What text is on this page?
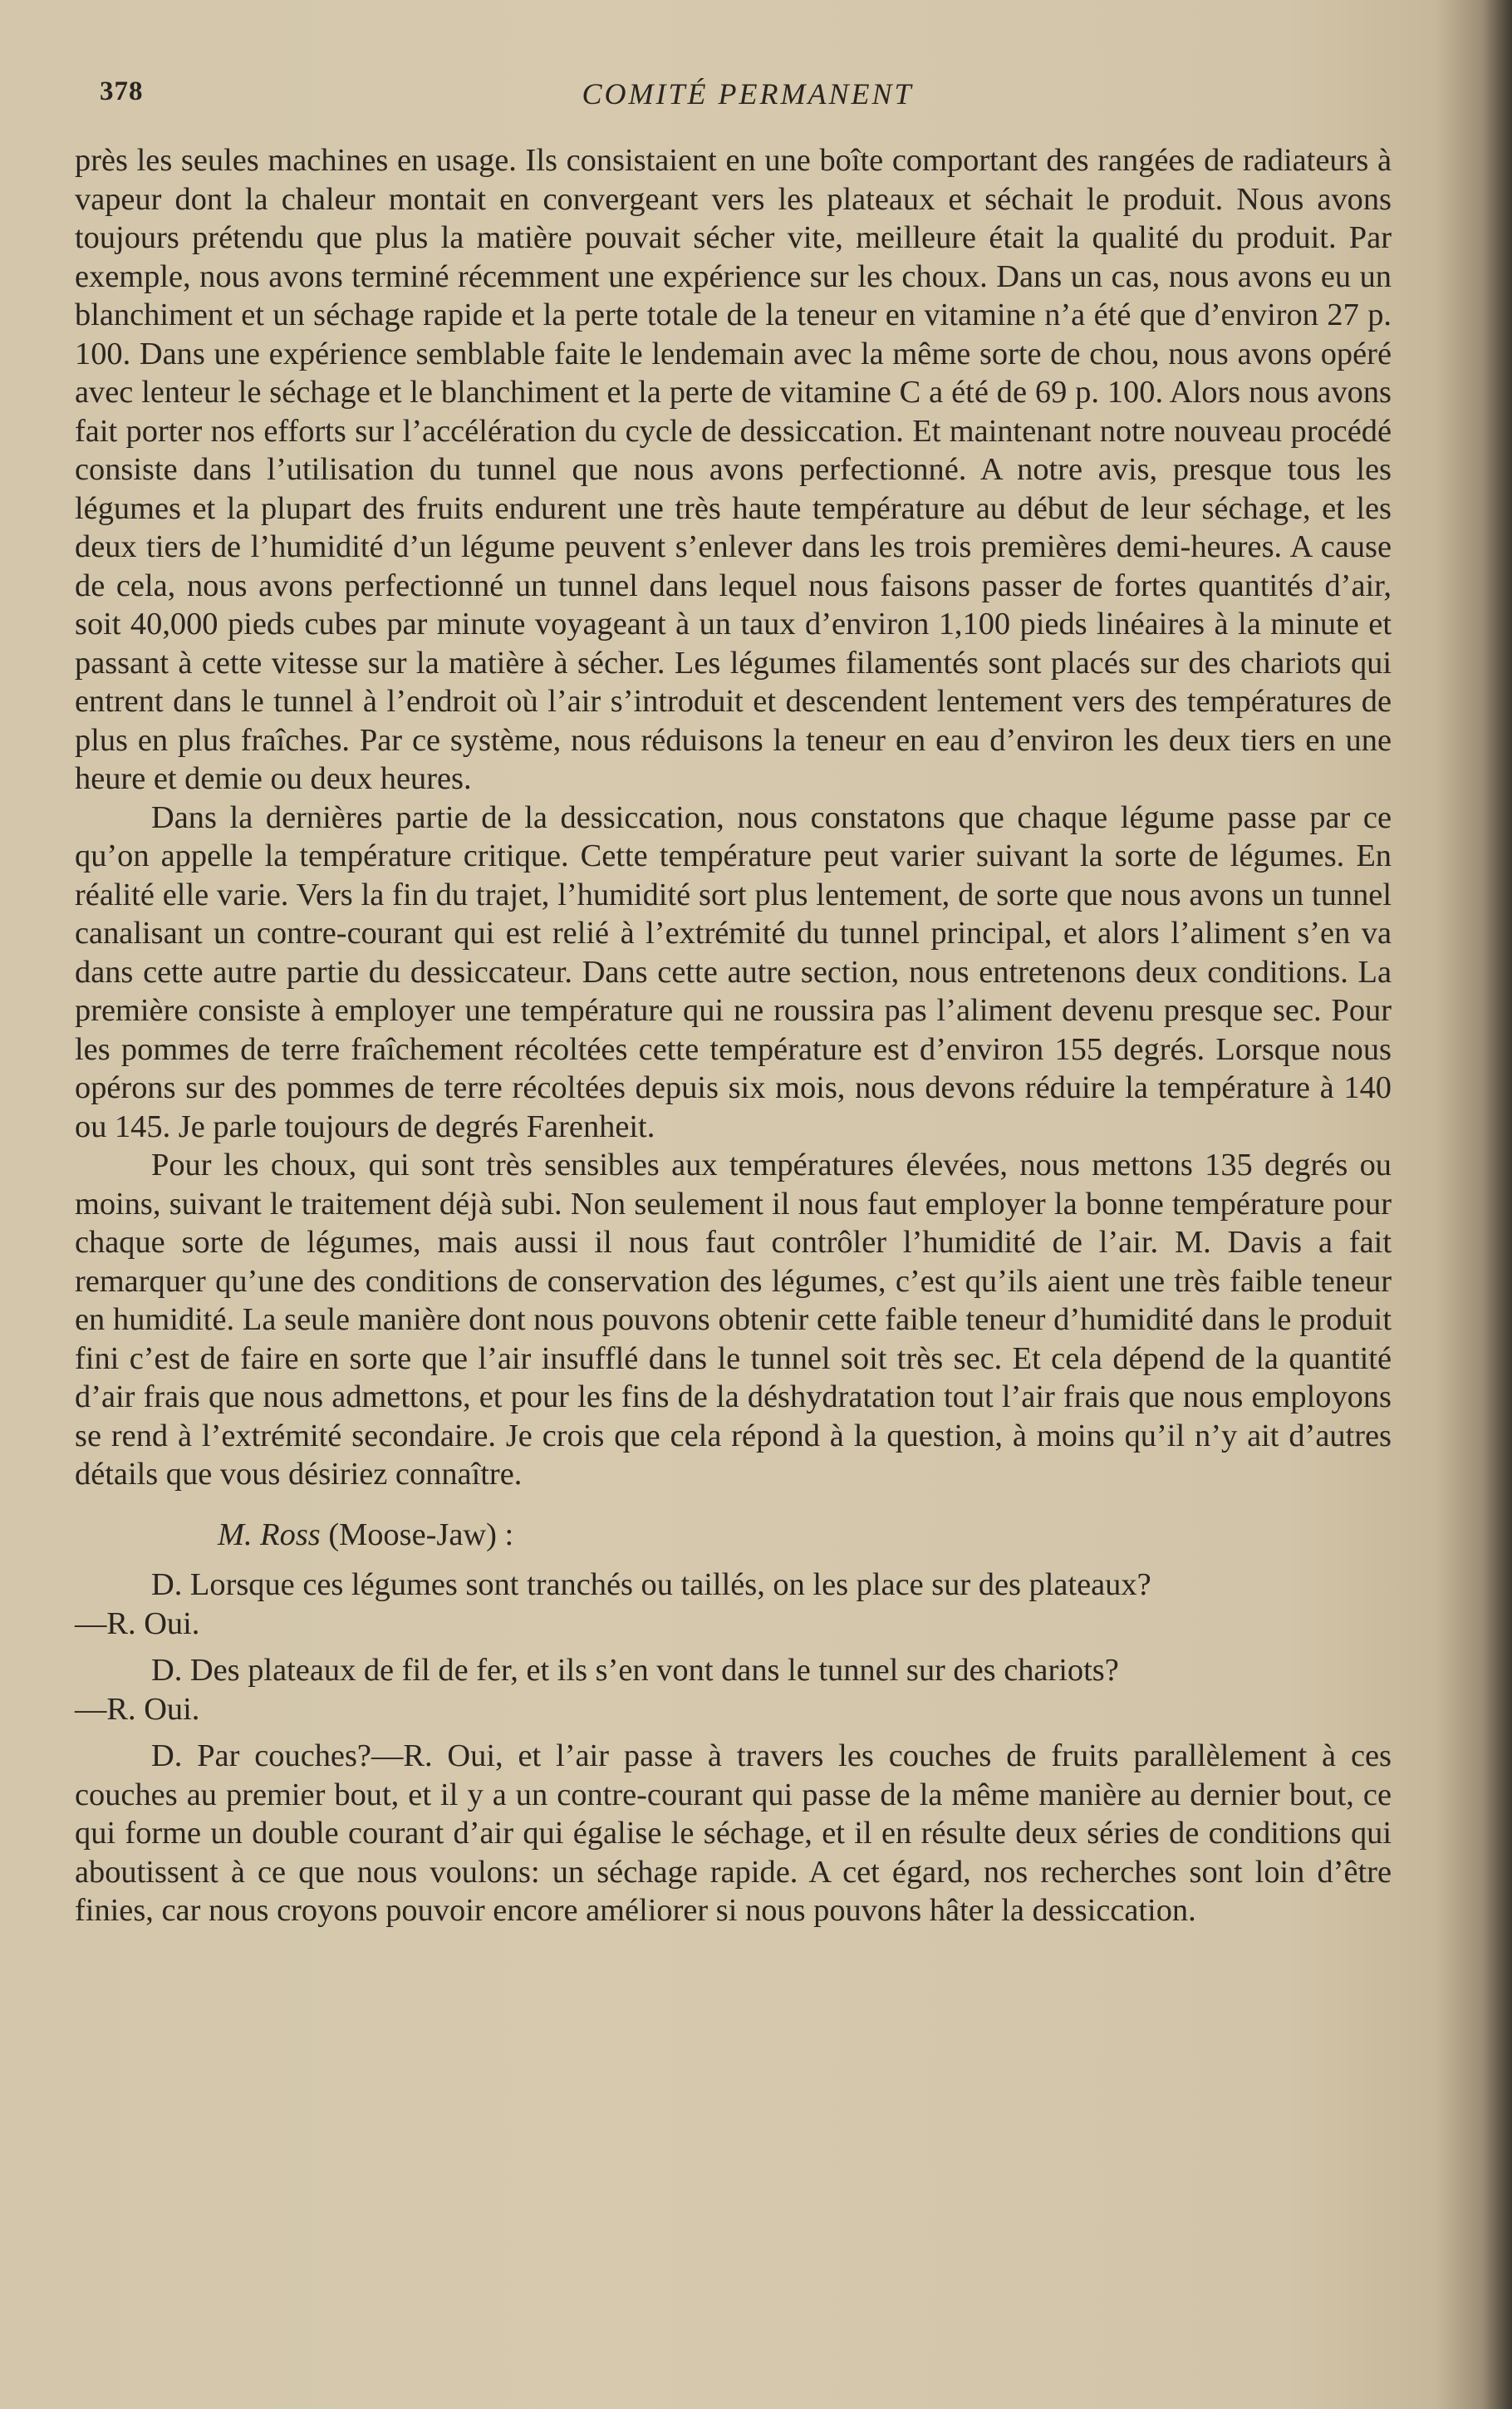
378	COMITÉ PERMANENT

près les seules machines en usage. Ils consistaient en une boîte comportant des rangées de radiateurs à vapeur dont la chaleur montait en convergeant vers les plateaux et séchait le produit. Nous avons toujours prétendu que plus la matière pouvait sécher vite, meilleure était la qualité du produit. Par exemple, nous avons terminé récemment une expérience sur les choux. Dans un cas, nous avons eu un blanchiment et un séchage rapide et la perte totale de la teneur en vitamine n’a été que d’environ 27 p. 100. Dans une expérience semblable faite le lendemain avec la même sorte de chou, nous avons opéré avec lenteur le séchage et le blanchiment et la perte de vitamine C a été de 69 p. 100. Alors nous avons fait porter nos efforts sur l’accélération du cycle de dessiccation. Et maintenant notre nouveau procédé consiste dans l’utilisation du tunnel que nous avons perfectionné. A notre avis, presque tous les légumes et la plupart des fruits endurent une très haute température au début de leur séchage, et les deux tiers de l’humidité d’un légume peuvent s’enlever dans les trois premières demi-heures. A cause de cela, nous avons perfectionné un tunnel dans lequel nous faisons passer de fortes quantités d’air, soit 40,000 pieds cubes par minute voyageant à un taux d’environ 1,100 pieds linéaires à la minute et passant à cette vitesse sur la matière à sécher. Les légumes filamentés sont placés sur des chariots qui entrent dans le tunnel à l’endroit où l’air s’introduit et descendent lentement vers des températures de plus en plus fraîches. Par ce système, nous réduisons la teneur en eau d’environ les deux tiers en une heure et demie ou deux heures.

Dans la dernières partie de la dessiccation, nous constatons que chaque légume passe par ce qu’on appelle la température critique. Cette température peut varier suivant la sorte de légumes. En réalité elle varie. Vers la fin du trajet, l’humidité sort plus lentement, de sorte que nous avons un tunnel canalisant un contre-courant qui est relié à l’extrémité du tunnel principal, et alors l’aliment s’en va dans cette autre partie du dessiccateur. Dans cette autre section, nous entretenons deux conditions. La première consiste à employer une température qui ne roussira pas l’aliment devenu presque sec. Pour les pommes de terre fraîchement récoltées cette température est d’environ 155 degrés. Lorsque nous opérons sur des pommes de terre récoltées depuis six mois, nous devons réduire la température à 140 ou 145. Je parle toujours de degrés Farenheit.

Pour les choux, qui sont très sensibles aux températures élevées, nous mettons 135 degrés ou moins, suivant le traitement déjà subi. Non seulement il nous faut employer la bonne température pour chaque sorte de légumes, mais aussi il nous faut contrôler l’humidité de l’air. M. Davis a fait remarquer qu’une des conditions de conservation des légumes, c’est qu’ils aient une très faible teneur en humidité. La seule manière dont nous pouvons obtenir cette faible teneur d’humidité dans le produit fini c’est de faire en sorte que l’air insufflé dans le tunnel soit très sec. Et cela dépend de la quantité d’air frais que nous admettons, et pour les fins de la déshydratation tout l’air frais que nous employons se rend à l’extrémité secondaire. Je crois que cela répond à la question, à moins qu’il n’y ait d’autres détails que vous désiriez connaître.

M. Ross (Moose-Jaw) :

D. Lorsque ces légumes sont tranchés ou taillés, on les place sur des plateaux?

—R. Oui.

D. Des plateaux de fil de fer, et ils s’en vont dans le tunnel sur des chariots?

—R. Oui.

D. Par couches?—R. Oui, et l’air passe à travers les couches de fruits parallèlement à ces couches au premier bout, et il y a un contre-courant qui passe de la même manière au dernier bout, ce qui forme un double courant d’air qui égalise le séchage, et il en résulte deux séries de conditions qui aboutissent à ce que nous voulons: un séchage rapide. A cet égard, nos recherches sont loin d’être finies, car nous croyons pouvoir encore améliorer si nous pouvons hâter la dessiccation.
